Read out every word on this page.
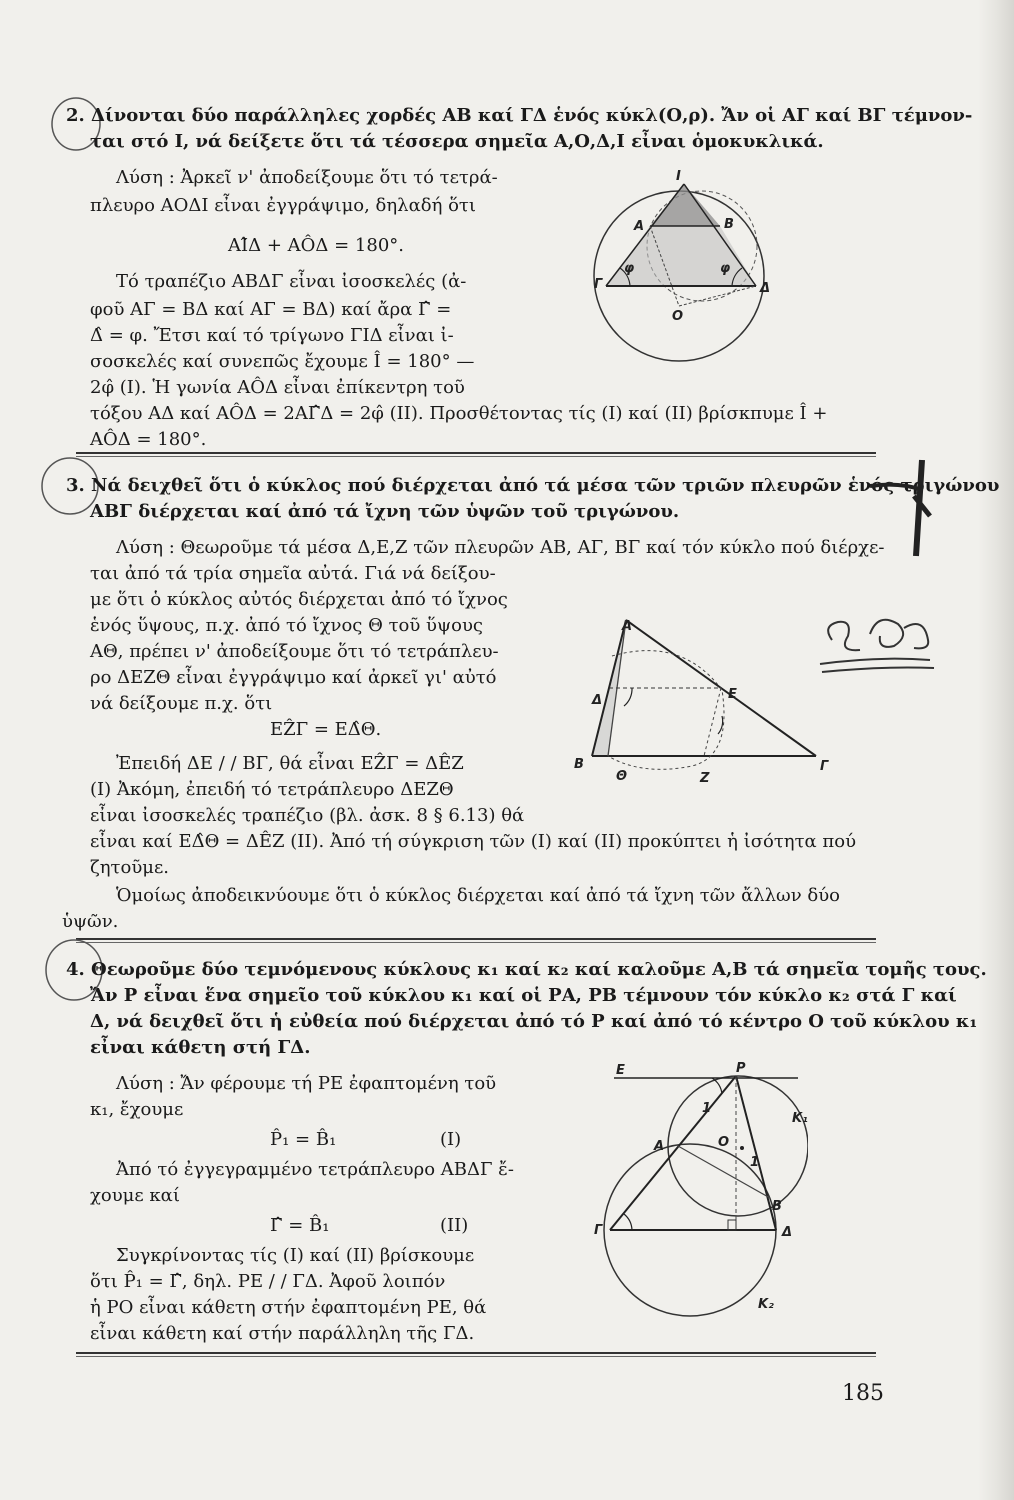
2. Δίνονται δύο παράλληλες χορδές ΑΒ καί ΓΔ ἑνός κύκλ(Ο,ρ). Ἄν οἱ ΑΓ καί ΒΓ τέμνον-
ται στό Ι, νά δείξετε ὅτι τά τέσσερα σημεῖα Α,Ο,Δ,Ι εἶναι ὁμοκυκλικά.
Λύση : Ἀρκεῖ ν' ἀποδείξουμε ὅτι τό τετρά-
πλευρο ΑΟΔΙ εἶναι ἐγγράψιμο, δηλαδή ὅτι
ΑΙ̂Δ + ΑÔΔ = 180°.
Τό τραπέζιο ΑΒΔΓ εἶναι ἰσοσκελές (ἀ-
φοῦ ΑΓ = ΒΔ καί ΑΓ = ΒΔ) καί ἄρα Γ̂ =
Δ̂ = φ. Ἔτσι καί τό τρίγωνο ΓΙΔ εἶναι ἰ-
σοσκελές καί συνεπῶς ἔχουμε Î = 180° —
2φ̂ (Ι). Ἡ γωνία ΑÔΔ εἶναι ἐπίκεντρη τοῦ
τόξου ΑΔ καί ΑÔΔ = 2ΑΓ̂Δ = 2φ̂ (ΙΙ). Προσθέτοντας τίς (Ι) καί (ΙΙ) βρίσκπυμε Î +
ΑÔΔ = 180°.
I
A	B
Γ	Δ
O
φ	φ
3. Νά δειχθεῖ ὅτι ὁ κύκλος πού διέρχεται ἀπό τά μέσα τῶν τριῶν πλευρῶν ἑνός τριγώνου
ΑΒΓ διέρχεται καί ἀπό τά ἴχνη τῶν ὑψῶν τοῦ τριγώνου.
Λύση : Θεωροῦμε τά μέσα Δ,Ε,Ζ τῶν πλευρῶν ΑΒ, ΑΓ, ΒΓ καί τόν κύκλο πού διέρχε-
ται ἀπό τά τρία σημεῖα αὐτά. Γιά νά δείξου-
με ὅτι ὁ κύκλος αὐτός διέρχεται ἀπό τό ἴχνος
ἑνός ὕψους, π.χ. ἀπό τό ἴχνος Θ τοῦ ὕψους
ΑΘ, πρέπει ν' ἀποδείξουμε ὅτι τό τετράπλευ-
ρο ΔΕΖΘ εἶναι ἐγγράψιμο καί ἀρκεῖ γι' αὐτό
νά δείξουμε π.χ. ὅτι
ΕẐΓ = ΕΔ̂Θ.
Ἐπειδή ΔΕ / / ΒΓ, θά εἶναι ΕẐΓ = ΔÊΖ
(Ι) Ἀκόμη, ἐπειδή τό τετράπλευρο ΔΕΖΘ
εἶναι ἰσοσκελές τραπέζιο (βλ. ἀσκ. 8 § 6.13) θά
εἶναι καί ΕΔ̂Θ = ΔÊΖ (ΙΙ). Ἀπό τή σύγκριση τῶν (Ι) καί (ΙΙ) προκύπτει ἡ ἰσότητα πού
ζητοῦμε.
Ὁμοίως ἀποδεικνύουμε ὅτι ὁ κύκλος διέρχεται καί ἀπό τά ἴχνη τῶν ἄλλων δύο
ὑψῶν.
A
Δ	E
B
Θ	Z
Γ
4. Θεωροῦμε δύο τεμνόμενους κύκλους κ₁ καί κ₂ καί καλοῦμε Α,Β τά σημεῖα τομῆς τους.
Ἄν Ρ εἶναι ἕνα σημεῖο τοῦ κύκλου κ₁ καί οἱ ΡΑ, ΡΒ τέμνουν τόν κύκλο κ₂ στά Γ καί
Δ, νά δειχθεῖ ὅτι ἡ εὐθεία πού διέρχεται ἀπό τό Ρ καί ἀπό τό κέντρο Ο τοῦ κύκλου κ₁
εἶναι κάθετη στή ΓΔ.
Λύση : Ἄν φέρουμε τή ΡΕ ἐφαπτομένη τοῦ
κ₁, ἔχουμε
P̂₁ = B̂₁	(Ι)
Ἀπό τό ἐγγεγραμμένο τετράπλευρο ΑΒΔΓ ἔ-
χουμε καί
Γ̂ = B̂₁	(ΙΙ)
Συγκρίνοντας τίς (Ι) καί (ΙΙ) βρίσκουμε
ὅτι P̂₁ = Γ̂, δηλ. ΡΕ / / ΓΔ. Ἀφοῦ λοιπόν
ἡ ΡΟ εἶναι κάθετη στήν ἐφαπτομένη ΡΕ, θά
εἶναι κάθετη καί στήν παράλληλη τῆς ΓΔ.
E	P
K₁
1
O
1
A
B
Γ	Δ
K₂
185
